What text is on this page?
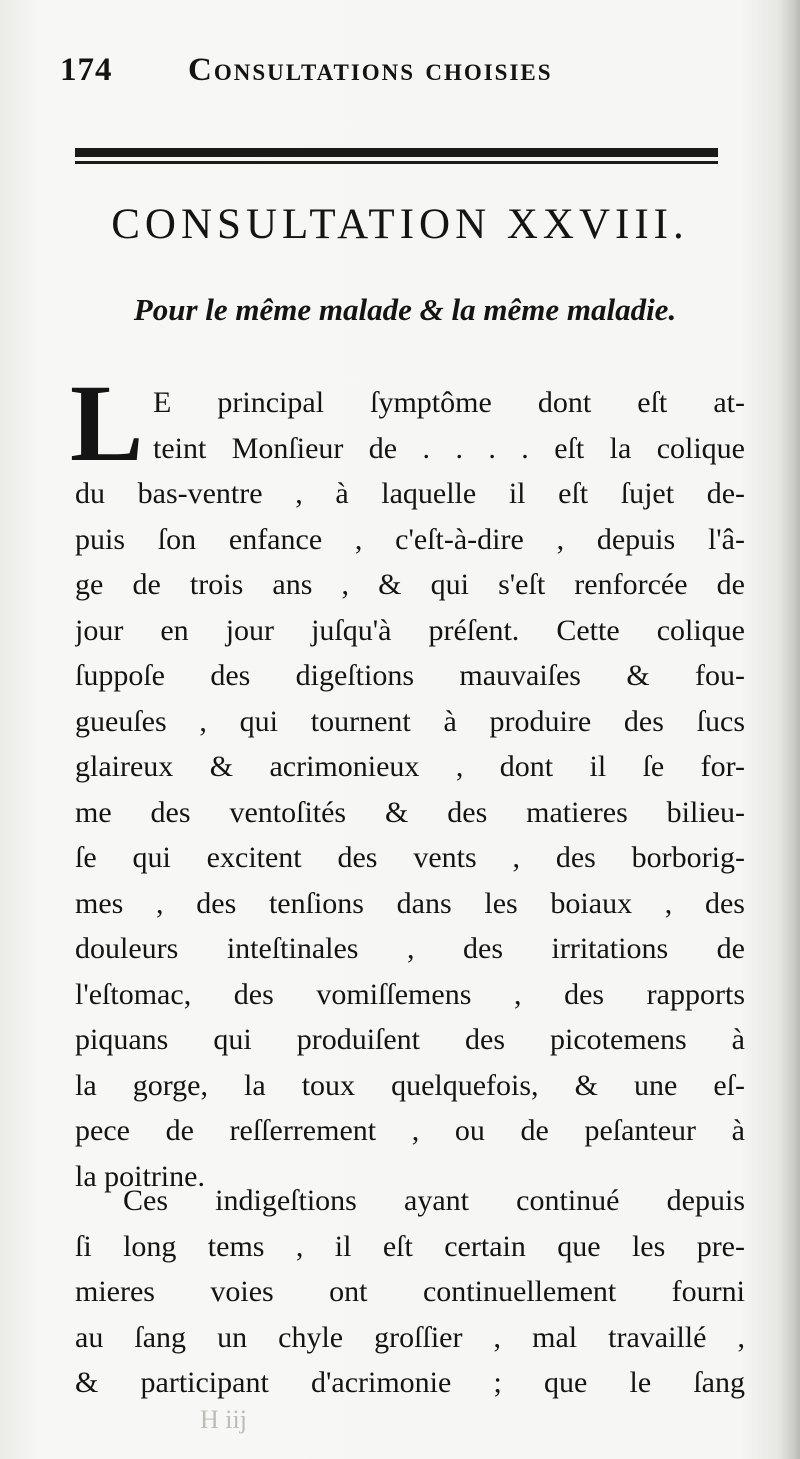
174 Consultations choisies
CONSULTATION XXVIII.
Pour le même malade & la même maladie.
L E principal ſymptôme dont eſt at-
teint Monſieur de . . . . eſt la colique
du bas-ventre , à laquelle il eſt ſujet de-
puis ſon enfance , c'eſt-à-dire , depuis l'â-
ge de trois ans , & qui s'eſt renforcée de
jour en jour juſqu'à préſent. Cette colique
ſuppoſe des digeſtions mauvaiſes & fou-
gueuſes , qui tournent à produire des ſucs
glaireux & acrimonieux , dont il ſe for-
me des ventoſités & des matieres bilieu-
ſe qui excitent des vents , des borborig-
mes , des tenſions dans les boiaux , des
douleurs inteſtinales , des irritations de
l'eſtomac, des vomiſſemens , des rapports
piquans qui produiſent des picotemens à
la gorge, la toux quelquefois, & une eſ-
pece de reſſerrement , ou de peſanteur à
la poitrine.
Ces indigeſtions ayant continué depuis
ſi long tems , il eſt certain que les pre-
mieres voies ont continuellement fourni
au ſang un chyle groſſier , mal travaillé ,
& participant d'acrimonie ; que le ſang
H iij
